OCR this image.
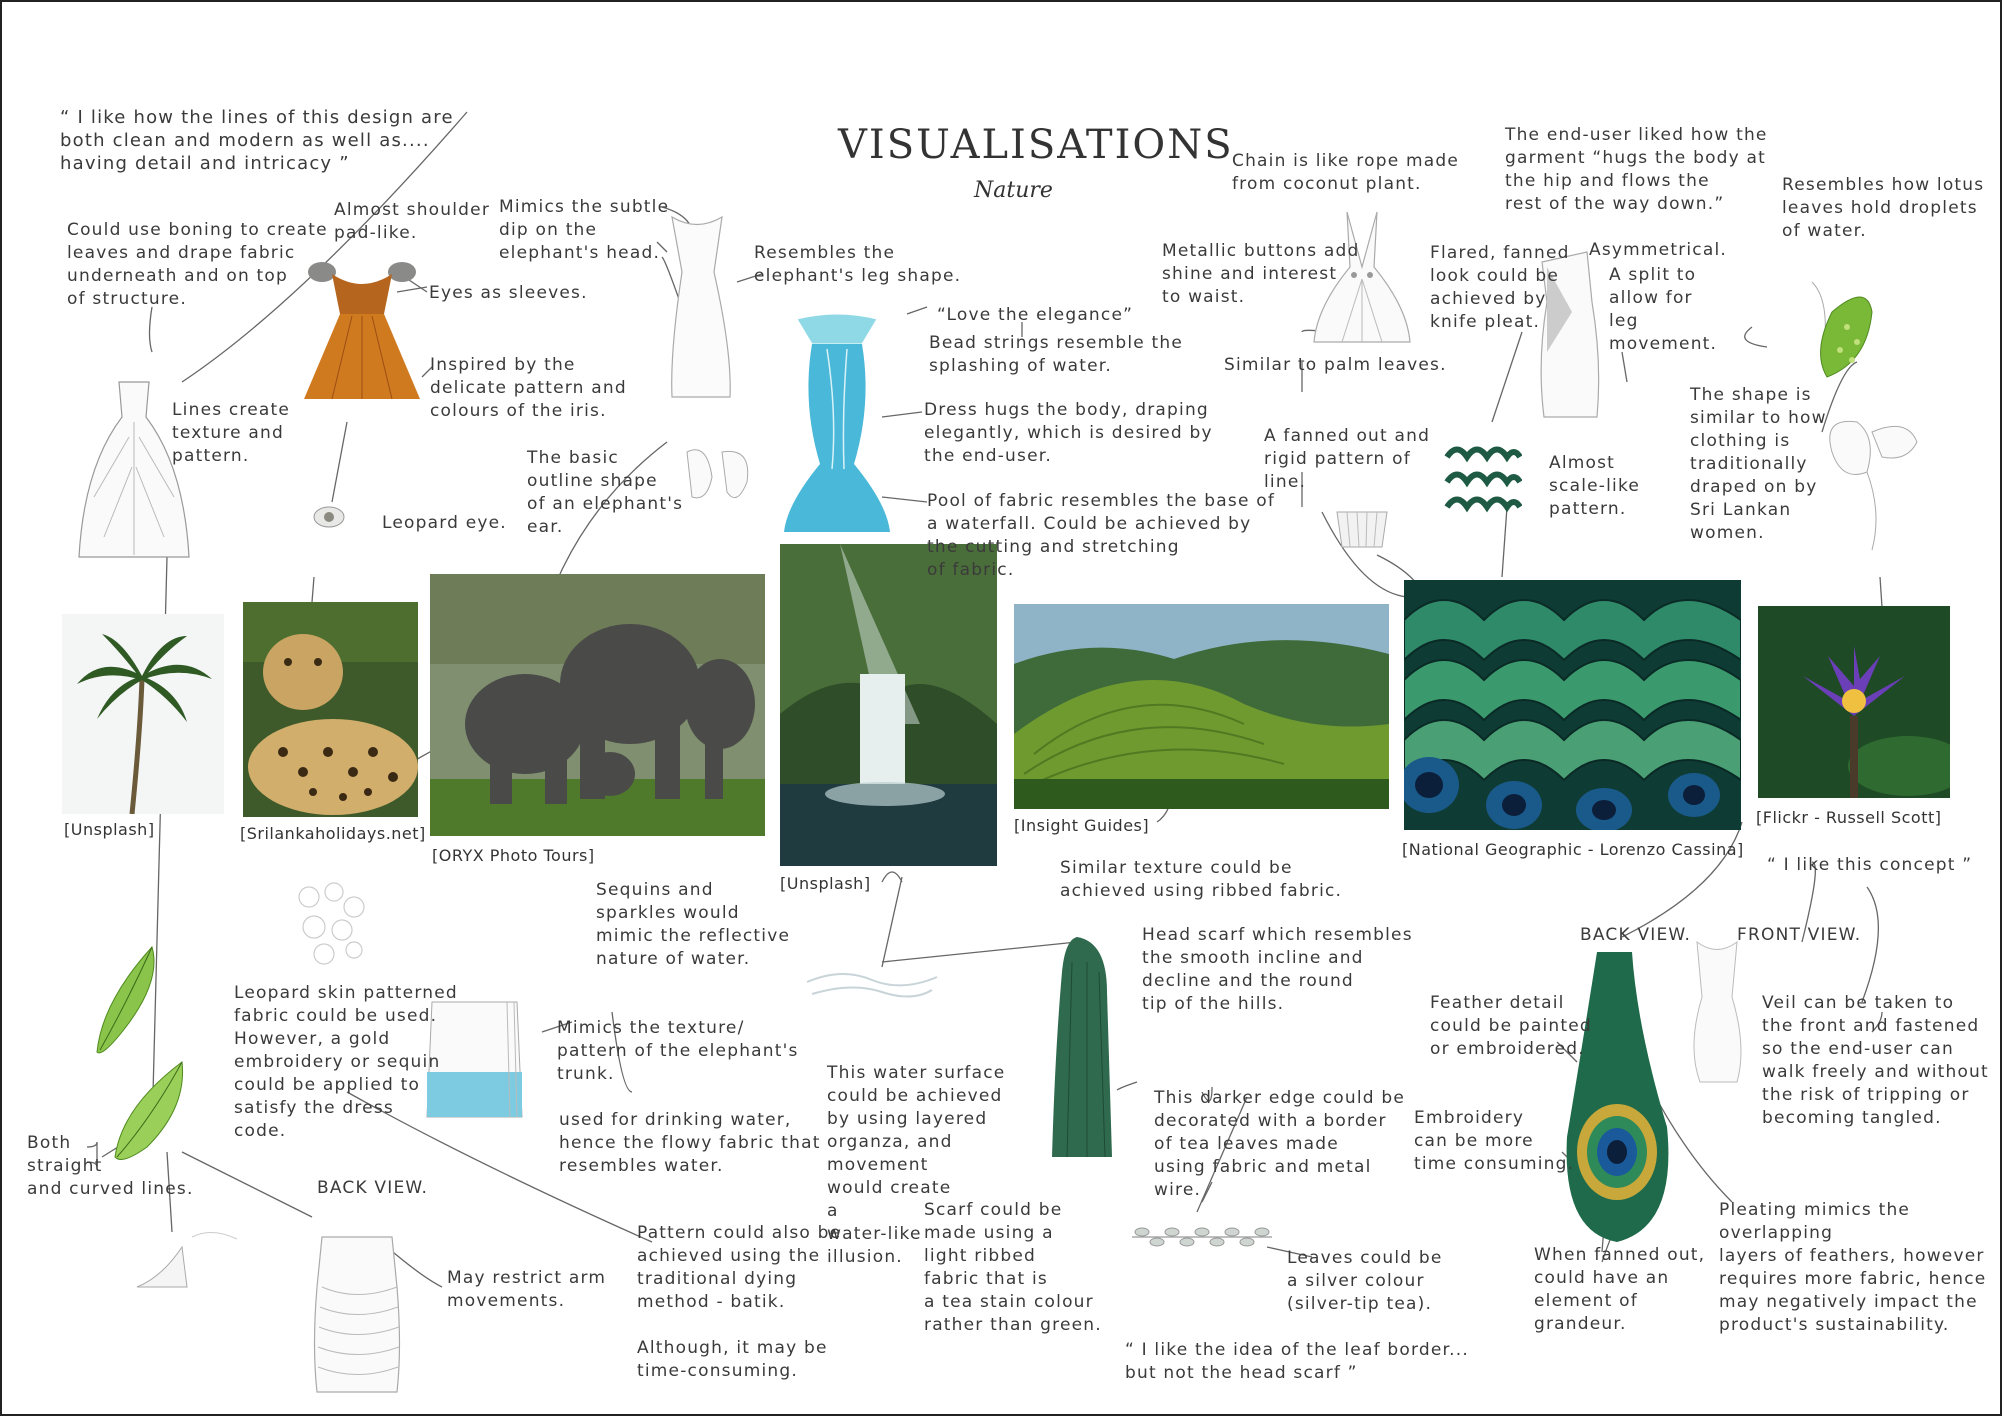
VISUALISATIONS
Nature
[ Unsplash ]
[	Srilankaholidays.net ]
[ ORYX Photo Tours ]
[ Unsplash ]
[ Insight Guides ]
[ National Geographic - Lorenzo Cassina ]
[ Flickr - Russell Scott ]
“ I like how the lines of this design are
both clean and modern as well as....
having detail and intricacy ”
Could use boning to create
leaves and drape fabric
underneath and on top
of structure.
Lines create
texture and
pattern.
Almost shoulder
pad-like.
Eyes as sleeves.
Inspired by the
delicate pattern and
colours of the iris.
Leopard eye.
Mimics the subtle
dip on the
elephant's head.	Resembles the
elephant's leg shape.
The basic
outline shape
of an elephant's
ear.
“Love the elegance”
Bead strings resemble the
splashing of water.
Dress hugs the body, draping
elegantly, which is desired by
the end-user.
Pool of fabric resembles the base of
a waterfall. Could be achieved by
the cutting and stretching
of fabric.
Chain is like rope made
from coconut plant.
Metallic buttons add
shine and interest
to waist.
Flared, fanned
look could be
achieved by
knife pleat.
Similar to palm leaves.
A fanned out and
rigid pattern of
line.
The end-user liked how the
garment “hugs the body at
the hip and flows the
rest of the way down.”
Asymmetrical.
A split to
allow for
leg
movement.
Almost
scale-like
pattern.
Resembles how lotus
leaves hold droplets
of water.
The shape is
similar to how
clothing is
traditionally
draped on by
Sri Lankan
women.
Similar texture could be
achieved using ribbed fabric.
“ I like this concept ”
Sequins and
sparkles would
mimic the reflective
nature of water.
Leopard skin patterned
fabric could be used.
However, a gold
embroidery or sequin
could be applied to
satisfy the dress
code.
Mimics the texture/
pattern of the elephant's
trunk.
used for drinking water,
hence the flowy fabric that
resembles water.
This water surface
could be achieved
by using layered
organza, and
movement
would create
a
water-like
illusion.
Scarf could be
made using a
light ribbed
fabric that is
a tea stain colour
rather than green.
Head scarf which resembles
the smooth incline and
decline and the round
tip of the hills.
This darker edge could be
decorated with a border
of tea leaves made
using fabric and metal
wire.
Leaves could be
a silver colour
(silver-tip tea).
“ I like the idea of the leaf border...
but not the head scarf ”
BACK VIEW.	FRONT VIEW.
Feather detail
could be painted
or embroidered.
Embroidery
can be more
time consuming.
When fanned out,
could have an
element of
grandeur.
Veil can be taken to
the front and fastened
so the end-user can
walk freely and without
the risk of tripping or
becoming tangled.
Pleating mimics the overlapping
layers of feathers, however
requires more fabric, hence
may negatively impact the
product's sustainability.
Both
straight
and curved lines.	BACK VIEW.
May restrict arm
movements.
Pattern could also be
achieved using the
traditional dying
method - batik.

Although, it may be
time-consuming.
